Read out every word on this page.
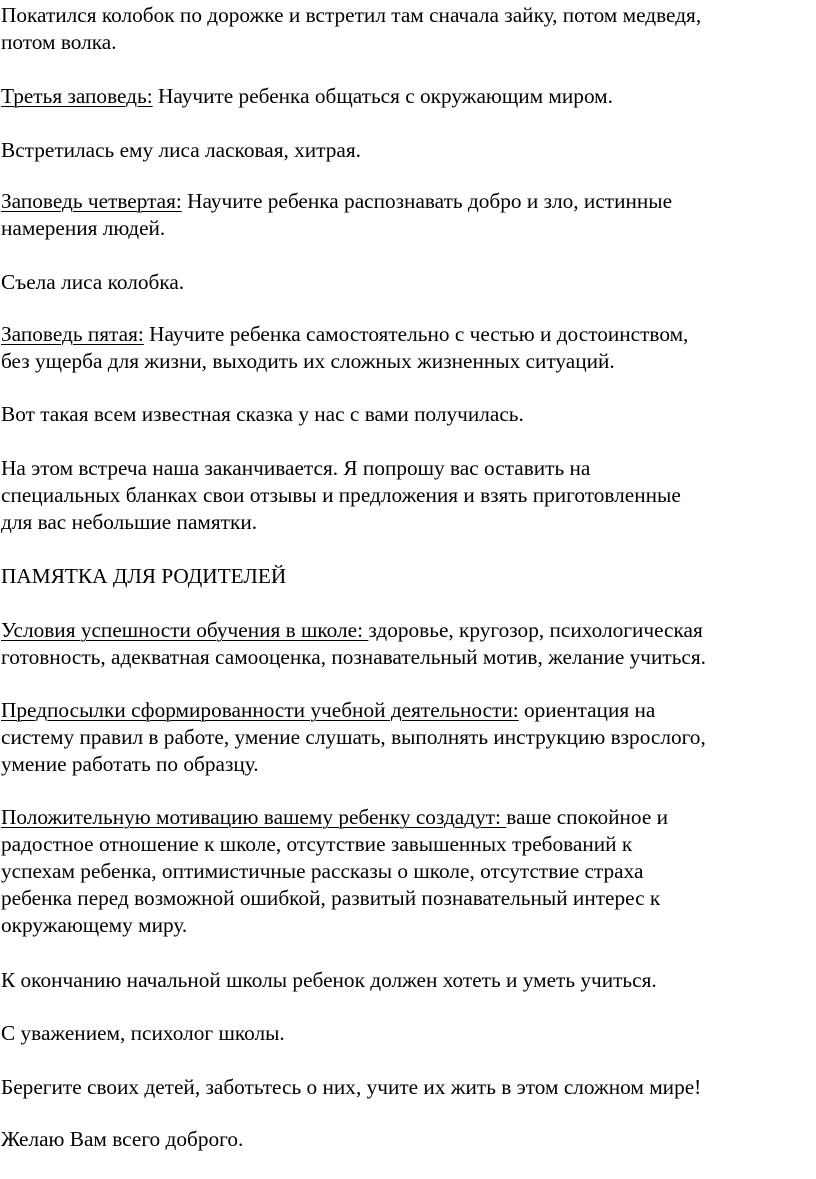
Покатился колобок по дорожке и встретил там сначала зайку, потом медведя,
потом волка.

Третья заповедь: Научите ребенка общаться с окружающим миром.

Встретилась ему лиса ласковая, хитрая.

Заповедь четвертая: Научите ребенка распознавать добро и зло, истинные
намерения людей.

Съела лиса колобка.

Заповедь пятая: Научите ребенка самостоятельно с честью и достоинством,
без ущерба для жизни, выходить их сложных жизненных ситуаций.

Вот такая всем известная сказка у нас с вами получилась.

На этом встреча наша заканчивается. Я попрошу вас оставить на
специальных бланках свои отзывы и предложения и взять приготовленные
для вас небольшие памятки.

ПАМЯТКА ДЛЯ РОДИТЕЛЕЙ

Условия успешности обучения в школе: здоровье, кругозор, психологическая
готовность, адекватная самооценка, познавательный мотив, желание учиться.

Предпосылки сформированности учебной деятельности: ориентация на
систему правил в работе, умение слушать, выполнять инструкцию взрослого,
умение работать по образцу.

Положительную мотивацию вашему ребенку создадут: ваше спокойное и
радостное отношение к школе, отсутствие завышенных требований к
успехам ребенка, оптимистичные рассказы о школе, отсутствие страха
ребенка перед возможной ошибкой, развитый познавательный интерес к
окружающему миру.

К окончанию начальной школы ребенок должен хотеть и уметь учиться.

С уважением, психолог школы.

Берегите своих детей, заботьтесь о них, учите их жить в этом сложном мире!

Желаю Вам всего доброго.
